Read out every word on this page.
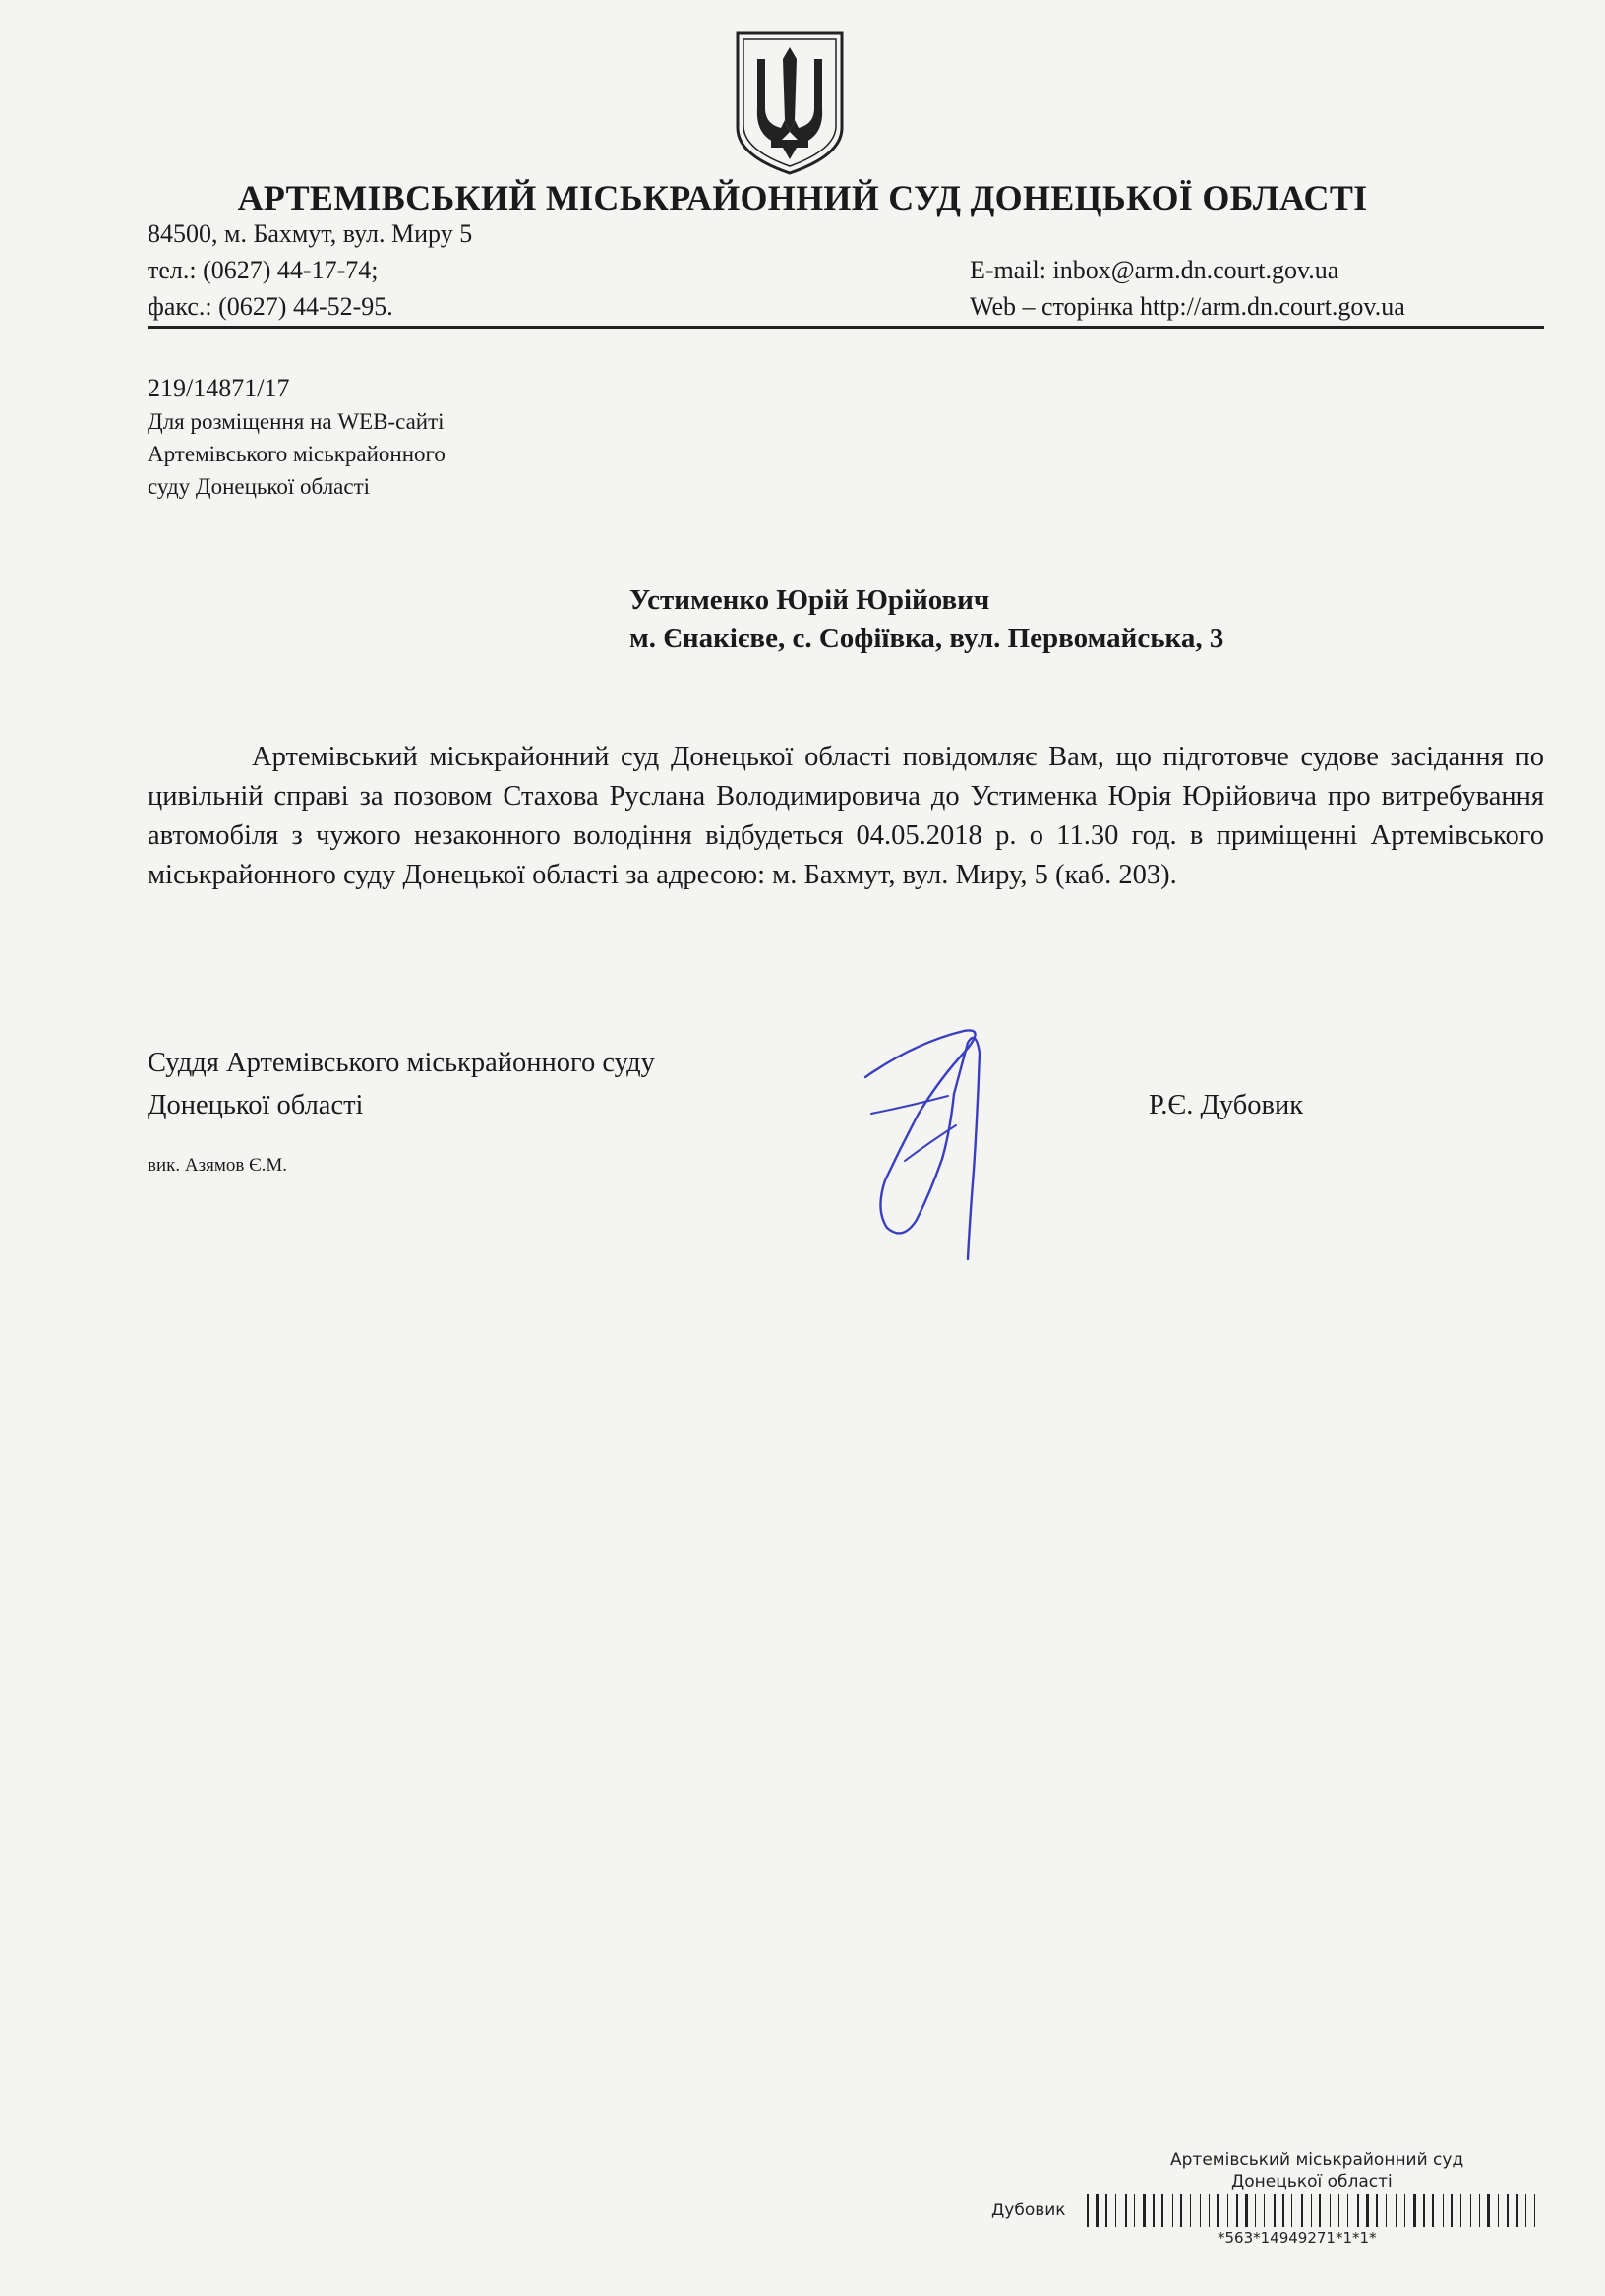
АРТЕМІВСЬКИЙ МІСЬКРАЙОННИЙ СУД ДОНЕЦЬКОЇ ОБЛАСТІ

84500, м. Бахмут, вул. Миру 5

тел.: (0627) 44-17-74;

факс.: (0627) 44-52-95.

E-mail: inbox@arm.dn.court.gov.ua

Web – сторінка http://arm.dn.court.gov.ua

219/14871/17

Для розміщення на WEB-сайті

Артемівського міськрайонного

суду Донецької області

Устименко Юрій Юрійович

м. Єнакієве, с. Софіївка, вул. Первомайська, 3

Артемівський міськрайонний суд Донецької області повідомляє Вам, що підготовче судове засідання по цивільній справі за позовом Стахова Руслана Володимировича до Устименка Юрія Юрійовича про витребування автомобіля з чужого незаконного володіння відбудеться 04.05.2018 р. о 11.30 год. в приміщенні Артемівського міськрайонного суду Донецької області за адресою: м. Бахмут, вул. Миру, 5 (каб. 203).

Суддя Артемівського міськрайонного суду

Донецької області	Р.Є. Дубовик

вик. Азямов Є.М.

Артемівський міськрайонний суд

Донецької області

Дубовик

*563*14949271*1*1*
